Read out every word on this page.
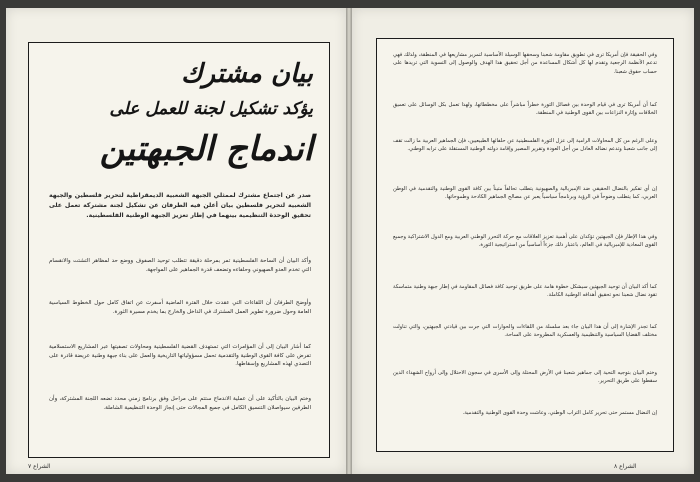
بيان مشترك
يؤكد تشكيل لجنة للعمل على
اندماج الجبهتين
صدر عن اجتماع مشترك لممثلي الجبهة الشعبية الديمقراطية لتحرير فلسطين والجبهة الشعبية لتحرير فلسطين بيان أعلن فيه الطرفان عن تشكيل لجنة مشتركة تعمل على تحقيق الوحدة التنظيمية بينهما في إطار تعزيز الجبهة الوطنية الفلسطينية.
وأكد البيان أن الساحة الفلسطينية تمر بمرحلة دقيقة تتطلب توحيد الصفوف ووضع حد لمظاهر التشتت والانقسام التي تخدم العدو الصهيوني وحلفاءه وتضعف قدرة الجماهير على المواجهة.
وأوضح الطرفان أن اللقاءات التي عقدت خلال الفترة الماضية أسفرت عن اتفاق كامل حول الخطوط السياسية العامة وحول ضرورة تطوير العمل المشترك في الداخل والخارج بما يخدم مسيرة الثورة.
كما أشار البيان إلى أن المؤامرات التي تستهدف القضية الفلسطينية ومحاولات تصفيتها عبر المشاريع الاستسلامية تفرض على كافة القوى الوطنية والتقدمية تحمل مسؤولياتها التاريخية والعمل على بناء جبهة وطنية عريضة قادرة على التصدي لهذه المشاريع وإسقاطها.
وختم البيان بالتأكيد على أن عملية الاندماج ستتم على مراحل وفق برنامج زمني محدد تضعه اللجنة المشتركة، وأن الطرفين سيواصلان التنسيق الكامل في جميع المجالات حتى إنجاز الوحدة التنظيمية الشاملة.
الشراع ٧
وفي الحقيقة فإن أمريكا ترى في تطويق مقاومة شعبنا وسحقها الوسيلة الأساسية لتمرير مشاريعها في المنطقة، ولذلك فهي تدعم الأنظمة الرجعية وتقدم لها كل أشكال المساعدة من أجل تحقيق هذا الهدف والوصول إلى التسوية التي تريدها على حساب حقوق شعبنا.
كما أن أمريكا ترى في قيام الوحدة بين فصائل الثورة خطراً مباشراً على مخططاتها، ولهذا تعمل بكل الوسائل على تعميق الخلافات وإثارة النزاعات بين القوى الوطنية في المنطقة.
وعلى الرغم من كل المحاولات الرامية إلى عزل الثورة الفلسطينية عن حلفائها الطبيعيين، فإن الجماهير العربية ما زالت تقف إلى جانب شعبنا وتدعم نضاله العادل من أجل العودة وتقرير المصير وإقامة دولته الوطنية المستقلة على ترابه الوطني.
إن أي تفكير بالنضال الحقيقي ضد الإمبريالية والصهيونية يتطلب تحالفاً متيناً بين كافة القوى الوطنية والتقدمية في الوطن العربي، كما يتطلب وضوحاً في الرؤية وبرنامجاً سياسياً يعبر عن مصالح الجماهير الكادحة وطموحاتها.
وفي هذا الإطار فإن الجبهتين تؤكدان على أهمية تعزيز العلاقات مع حركة التحرر الوطني العربية ومع الدول الاشتراكية وجميع القوى المعادية للإمبريالية في العالم، باعتبار ذلك جزءاً أساسياً من استراتيجية الثورة.
كما أكد البيان أن توحيد الجبهتين سيشكل خطوة هامة على طريق توحيد كافة فصائل المقاومة في إطار جبهة وطنية متماسكة تقود نضال شعبنا نحو تحقيق أهدافه الوطنية الكاملة.
كما تجدر الإشارة إلى أن هذا البيان جاء بعد سلسلة من اللقاءات والحوارات التي جرت بين قيادتي الجبهتين، والتي تناولت مختلف القضايا السياسية والتنظيمية والعسكرية المطروحة على الساحة.
وختم البيان بتوجيه التحية إلى جماهير شعبنا في الأرض المحتلة وإلى الأسرى في سجون الاحتلال وإلى أرواح الشهداء الذين سقطوا على طريق التحرير.
إن النضال مستمر حتى تحرير كامل التراب الوطني، وعاشت وحدة القوى الوطنية والتقدمية.
الشراع ٨
